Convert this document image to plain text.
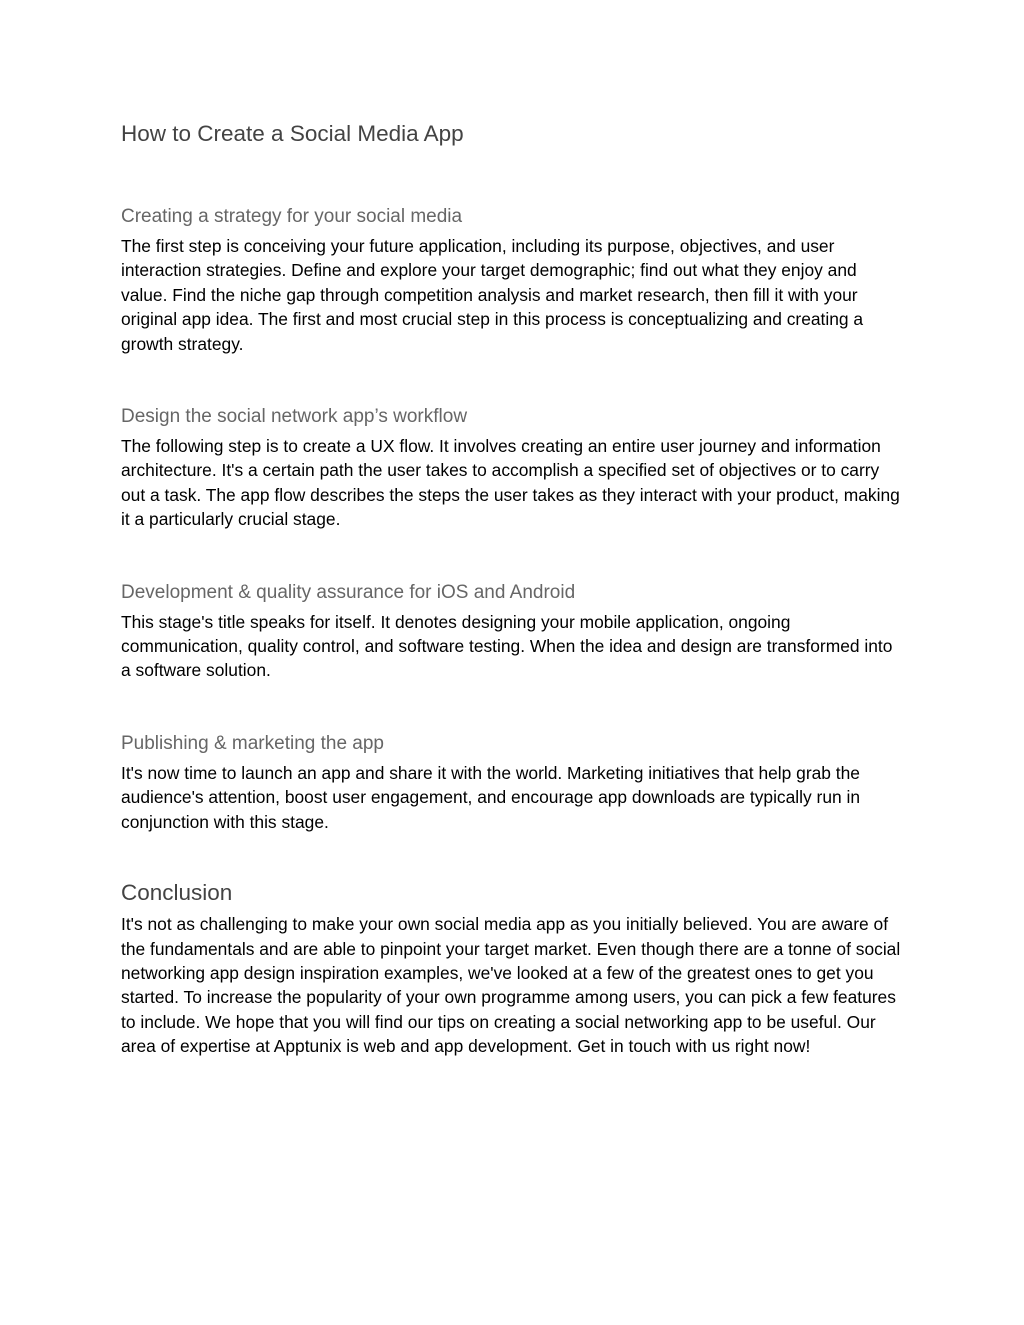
How to Create a Social Media App
Creating a strategy for your social media

The first step is conceiving your future application, including its purpose, objectives, and user interaction strategies. Define and explore your target demographic; find out what they enjoy and value. Find the niche gap through competition analysis and market research, then fill it with your original app idea. The first and most crucial step in this process is conceptualizing and creating a growth strategy.

Design the social network app’s workflow

The following step is to create a UX flow. It involves creating an entire user journey and information architecture. It's a certain path the user takes to accomplish a specified set of objectives or to carry out a task. The app flow describes the steps the user takes as they interact with your product, making it a particularly crucial stage.

Development & quality assurance for iOS and Android

This stage's title speaks for itself. It denotes designing your mobile application, ongoing communication, quality control, and software testing. When the idea and design are transformed into a software solution.

Publishing & marketing the app

It's now time to launch an app and share it with the world. Marketing initiatives that help grab the audience's attention, boost user engagement, and encourage app downloads are typically run in conjunction with this stage.

Conclusion

It's not as challenging to make your own social media app as you initially believed. You are aware of the fundamentals and are able to pinpoint your target market. Even though there are a tonne of social networking app design inspiration examples, we've looked at a few of the greatest ones to get you started. To increase the popularity of your own programme among users, you can pick a few features to include. We hope that you will find our tips on creating a social networking app to be useful. Our area of expertise at Apptunix is web and app development. Get in touch with us right now!
